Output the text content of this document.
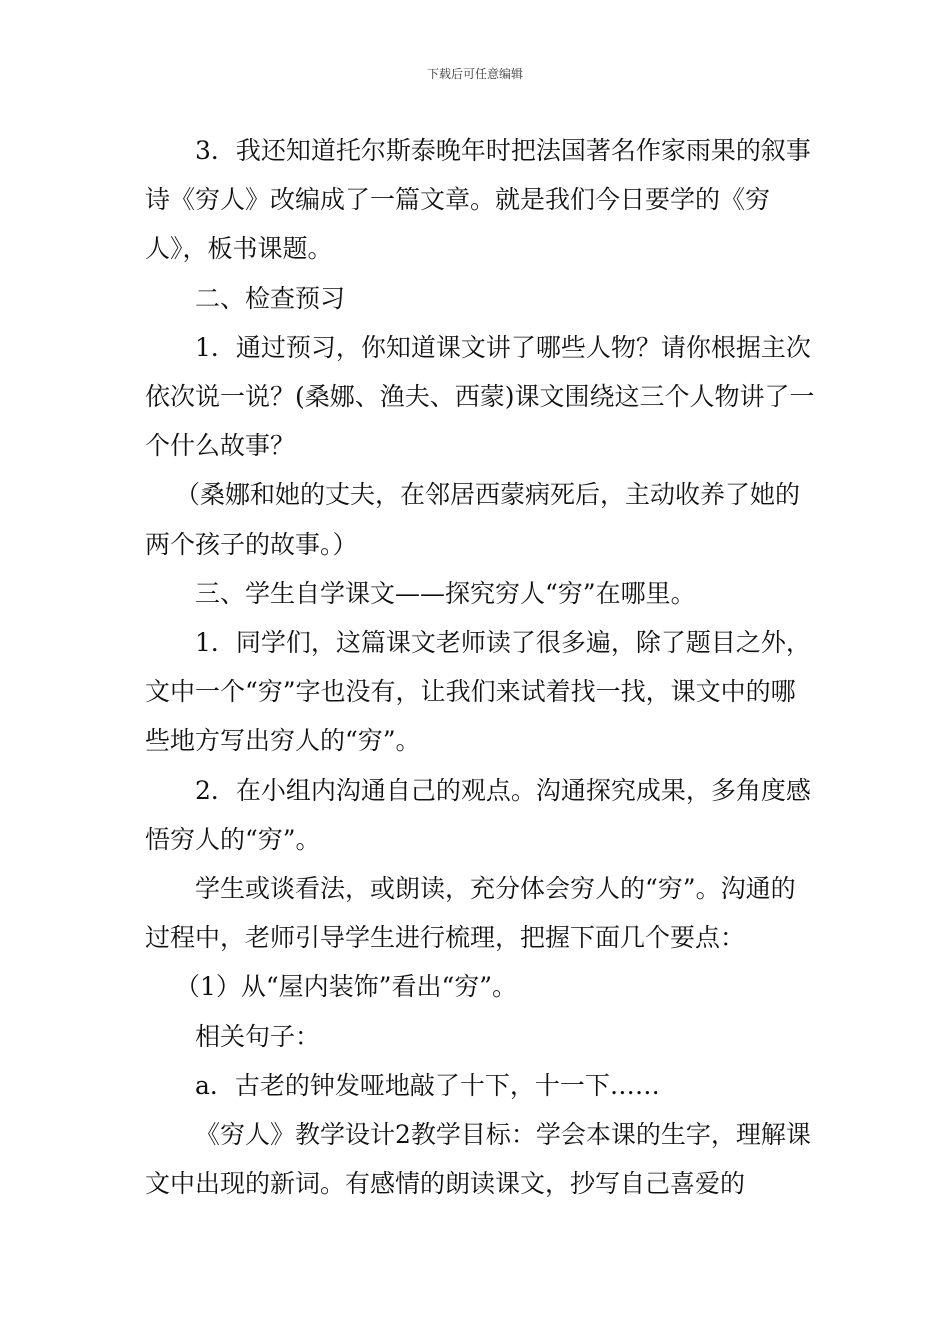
下载后可任意编辑

3．我还知道托尔斯泰晚年时把法国著名作家雨果的叙事诗《穷人》改编成了一篇文章。就是我们今日要学的《穷人》，板书课题。

二、检查预习

1．通过预习，你知道课文讲了哪些人物？请你根据主次依次说一说？(桑娜、渔夫、西蒙)课文围绕这三个人物讲了一个什么故事？

（桑娜和她的丈夫，在邻居西蒙病死后，主动收养了她的两个孩子的故事。）

三、学生自学课文——探究穷人“穷”在哪里。

1．同学们，这篇课文老师读了很多遍，除了题目之外，文中一个“穷”字也没有，让我们来试着找一找，课文中的哪些地方写出穷人的“穷”。

2．在小组内沟通自己的观点。沟通探究成果，多角度感悟穷人的“穷”。

学生或谈看法，或朗读，充分体会穷人的“穷”。沟通的过程中，老师引导学生进行梳理，把握下面几个要点：

（1）从“屋内装饰”看出“穷”。

相关句子：

a．古老的钟发哑地敲了十下，十一下……

《穷人》教学设计2教学目标：学会本课的生字，理解课文中出现的新词。有感情的朗读课文，抄写自己喜爱的
